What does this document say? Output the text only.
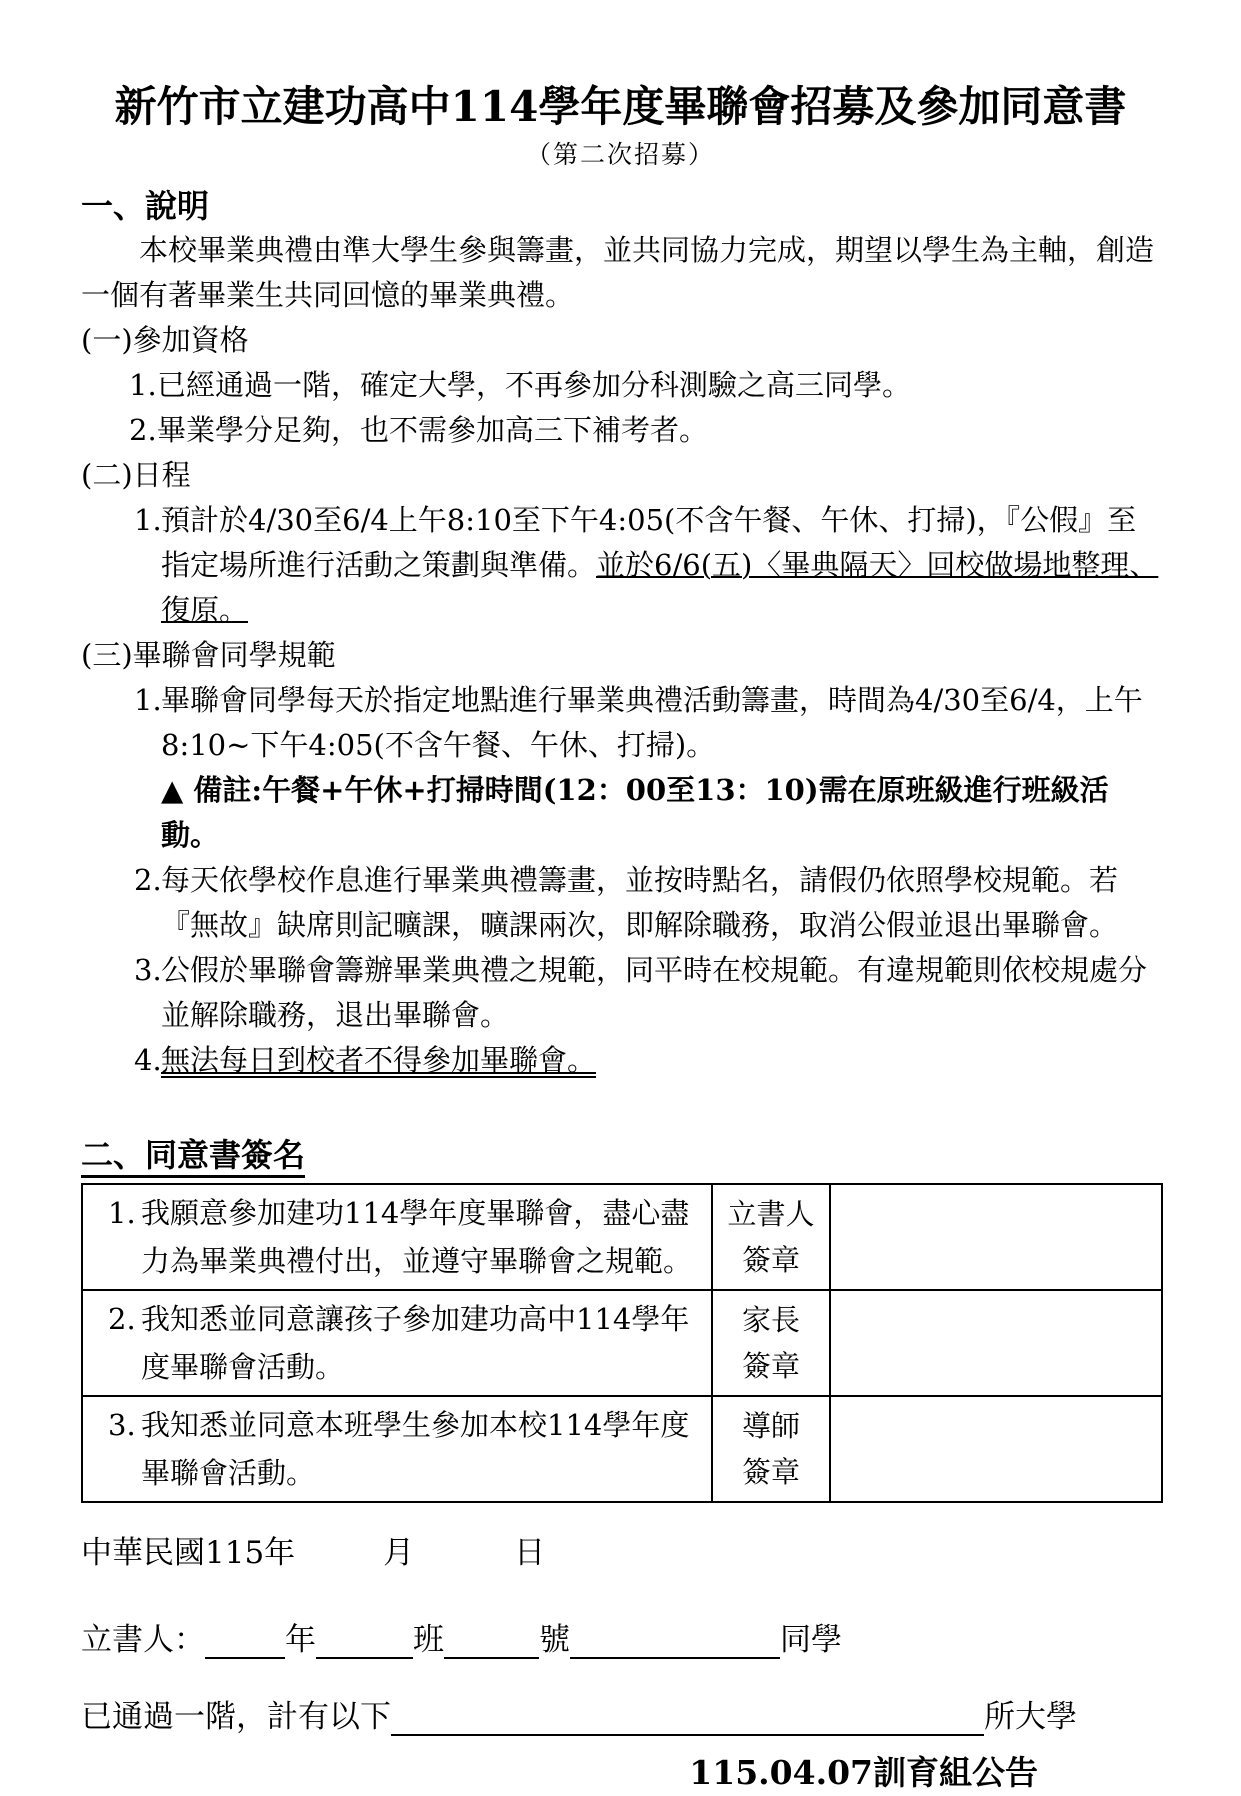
新竹市立建功高中114學年度畢聯會招募及參加同意書
（第二次招募）
一、說明

本校畢業典禮由準大學生參與籌畫，並共同協力完成，期望以學生為主軸，創造一個有著畢業生共同回憶的畢業典禮。

(一)參加資格
1.已經通過一階，確定大學，不再參加分科測驗之高三同學。
2.畢業學分足夠，也不需參加高三下補考者。
(二)日程
1.預計於4/30至6/4上午8:10至下午4:05(不含午餐、午休、打掃)，『公假』至指定場所進行活動之策劃與準備。並於6/6(五)〈畢典隔天〉回校做場地整理、復原。
(三)畢聯會同學規範
1.畢聯會同學每天於指定地點進行畢業典禮活動籌畫，時間為4/30至6/4，上午8:10~下午4:05(不含午餐、午休、打掃)。
▲ 備註:午餐+午休+打掃時間(12：00至13：10)需在原班級進行班級活動。
2.每天依學校作息進行畢業典禮籌畫，並按時點名，請假仍依照學校規範。若『無故』缺席則記曠課，曠課兩次，即解除職務，取消公假並退出畢聯會。
3.公假於畢聯會籌辦畢業典禮之規範，同平時在校規範。有違規範則依校規處分並解除職務，退出畢聯會。
4.無法每日到校者不得參加畢聯會。
二、同意書簽名
1. 我願意參加建功114學年度畢聯會，盡心盡力為畢業典禮付出，並遵守畢聯會之規範。	立書人
簽章	

2. 我知悉並同意讓孩子參加建功高中114學年度畢聯會活動。	家長
簽章	

3. 我知悉並同意本班學生參加本校114學年度畢聯會活動。	導師
簽章	

中華民國115年	月	日
立書人：	年	班	號	同學
已通過一階，計有以下	所大學
115.04.07訓育組公告
